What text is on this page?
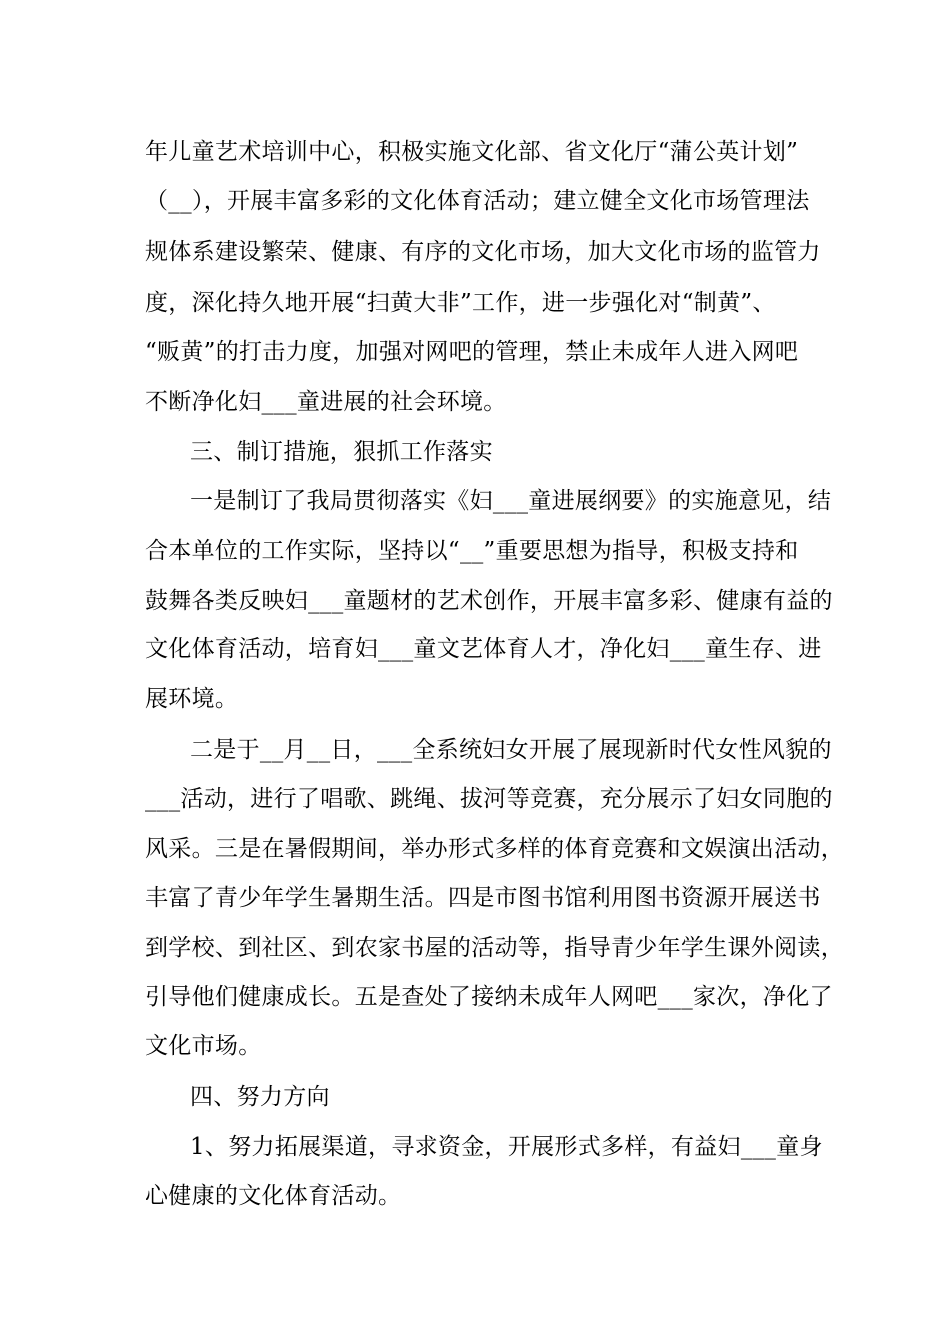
年儿童艺术培训中心，积极实施文化部、省文化厅“蒲公英计划”
（__），开展丰富多彩的文化体育活动；建立健全文化市场管理法
规体系建设繁荣、健康、有序的文化市场，加大文化市场的监管力
度，深化持久地开展“扫黄大非”工作，进一步强化对“制黄”、
“贩黄”的打击力度，加强对网吧的管理，禁止未成年人进入网吧
不断净化妇___童进展的社会环境。
三、制订措施，狠抓工作落实
一是制订了我局贯彻落实《妇___童进展纲要》的实施意见，结
合本单位的工作实际，坚持以“__”重要思想为指导，积极支持和
鼓舞各类反映妇___童题材的艺术创作，开展丰富多彩、健康有益的
文化体育活动，培育妇___童文艺体育人才，净化妇___童生存、进
展环境。
二是于__月__日，___全系统妇女开展了展现新时代女性风貌的
___活动，进行了唱歌、跳绳、拔河等竞赛，充分展示了妇女同胞的
风采。三是在暑假期间，举办形式多样的体育竞赛和文娱演出活动，
丰富了青少年学生暑期生活。四是市图书馆利用图书资源开展送书
到学校、到社区、到农家书屋的活动等，指导青少年学生课外阅读，
引导他们健康成长。五是查处了接纳未成年人网吧___家次，净化了
文化市场。
四、努力方向
1、努力拓展渠道，寻求资金，开展形式多样，有益妇___童身
心健康的文化体育活动。
